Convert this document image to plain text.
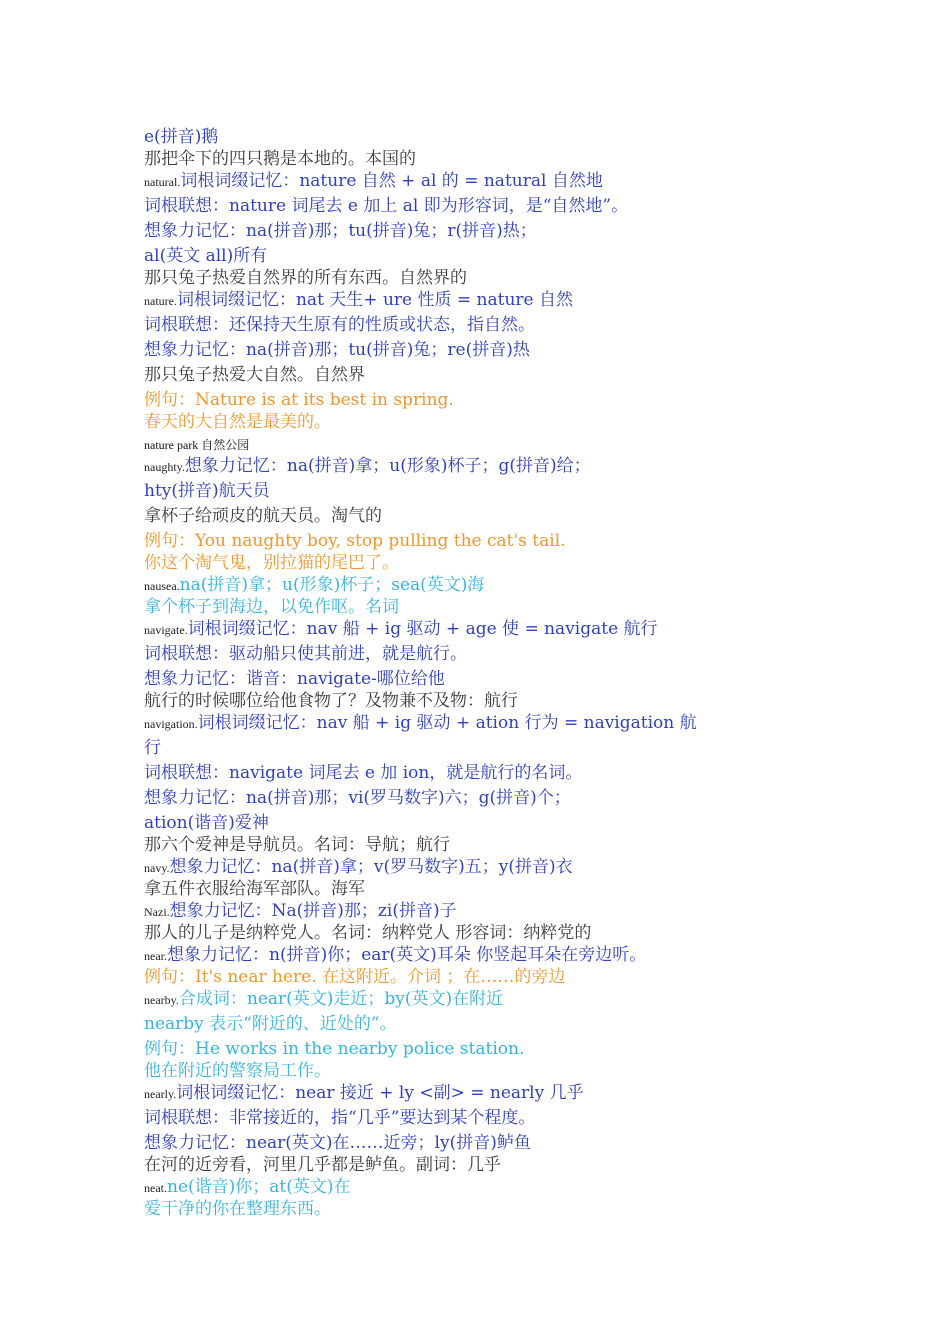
e(拼音)鹅
那把伞下的四只鹅是本地的。本国的
natural.词根词缀记忆：nature 自然 + al 的 = natural 自然地
词根联想：nature 词尾去 e 加上 al 即为形容词，是“自然地”。
想象力记忆：na(拼音)那；tu(拼音)兔；r(拼音)热；
al(英文 all)所有
那只兔子热爱自然界的所有东西。自然界的
nature.词根词缀记忆：nat 天生+ ure 性质 = nature 自然
词根联想：还保持天生原有的性质或状态，指自然。
想象力记忆：na(拼音)那；tu(拼音)兔；re(拼音)热
那只兔子热爱大自然。自然界
例句：Nature is at its best in spring.
春天的大自然是最美的。
nature park 自然公园
naughty.想象力记忆：na(拼音)拿；u(形象)杯子；g(拼音)给；
hty(拼音)航天员
拿杯子给顽皮的航天员。淘气的
例句：You naughty boy, stop pulling the cat's tail.
你这个淘气鬼，别拉猫的尾巴了。
nausea.na(拼音)拿；u(形象)杯子；sea(英文)海
拿个杯子到海边，以免作呕。名词
navigate.词根词缀记忆：nav 船 + ig 驱动 + age 使 = navigate 航行
词根联想：驱动船只使其前进，就是航行。
想象力记忆：谐音：navigate-哪位给他
航行的时候哪位给他食物了？及物兼不及物：航行
navigation.词根词缀记忆：nav 船 + ig 驱动 + ation 行为 = navigation 航
行
词根联想：navigate 词尾去 e 加 ion，就是航行的名词。
想象力记忆：na(拼音)那；vi(罗马数字)六；g(拼音)个；
ation(谐音)爱神
那六个爱神是导航员。名词：导航；航行
navy.想象力记忆：na(拼音)拿；v(罗马数字)五；y(拼音)衣
拿五件衣服给海军部队。海军
Nazi.想象力记忆：Na(拼音)那；zi(拼音)子
那人的儿子是纳粹党人。名词：纳粹党人 形容词：纳粹党的
near.想象力记忆：n(拼音)你；ear(英文)耳朵 你竖起耳朵在旁边听。
例句：It's near here. 在这附近。介词 ；在……的旁边
nearby.合成词：near(英文)走近；by(英文)在附近
nearby 表示“附近的、近处的”。
例句：He works in the nearby police station.
他在附近的警察局工作。
nearly.词根词缀记忆：near 接近 + ly <副> = nearly 几乎
词根联想：非常接近的，指“几乎”要达到某个程度。
想象力记忆：near(英文)在……近旁；ly(拼音)鲈鱼
在河的近旁看，河里几乎都是鲈鱼。副词：几乎
neat.ne(谐音)你；at(英文)在
爱干净的你在整理东西。
